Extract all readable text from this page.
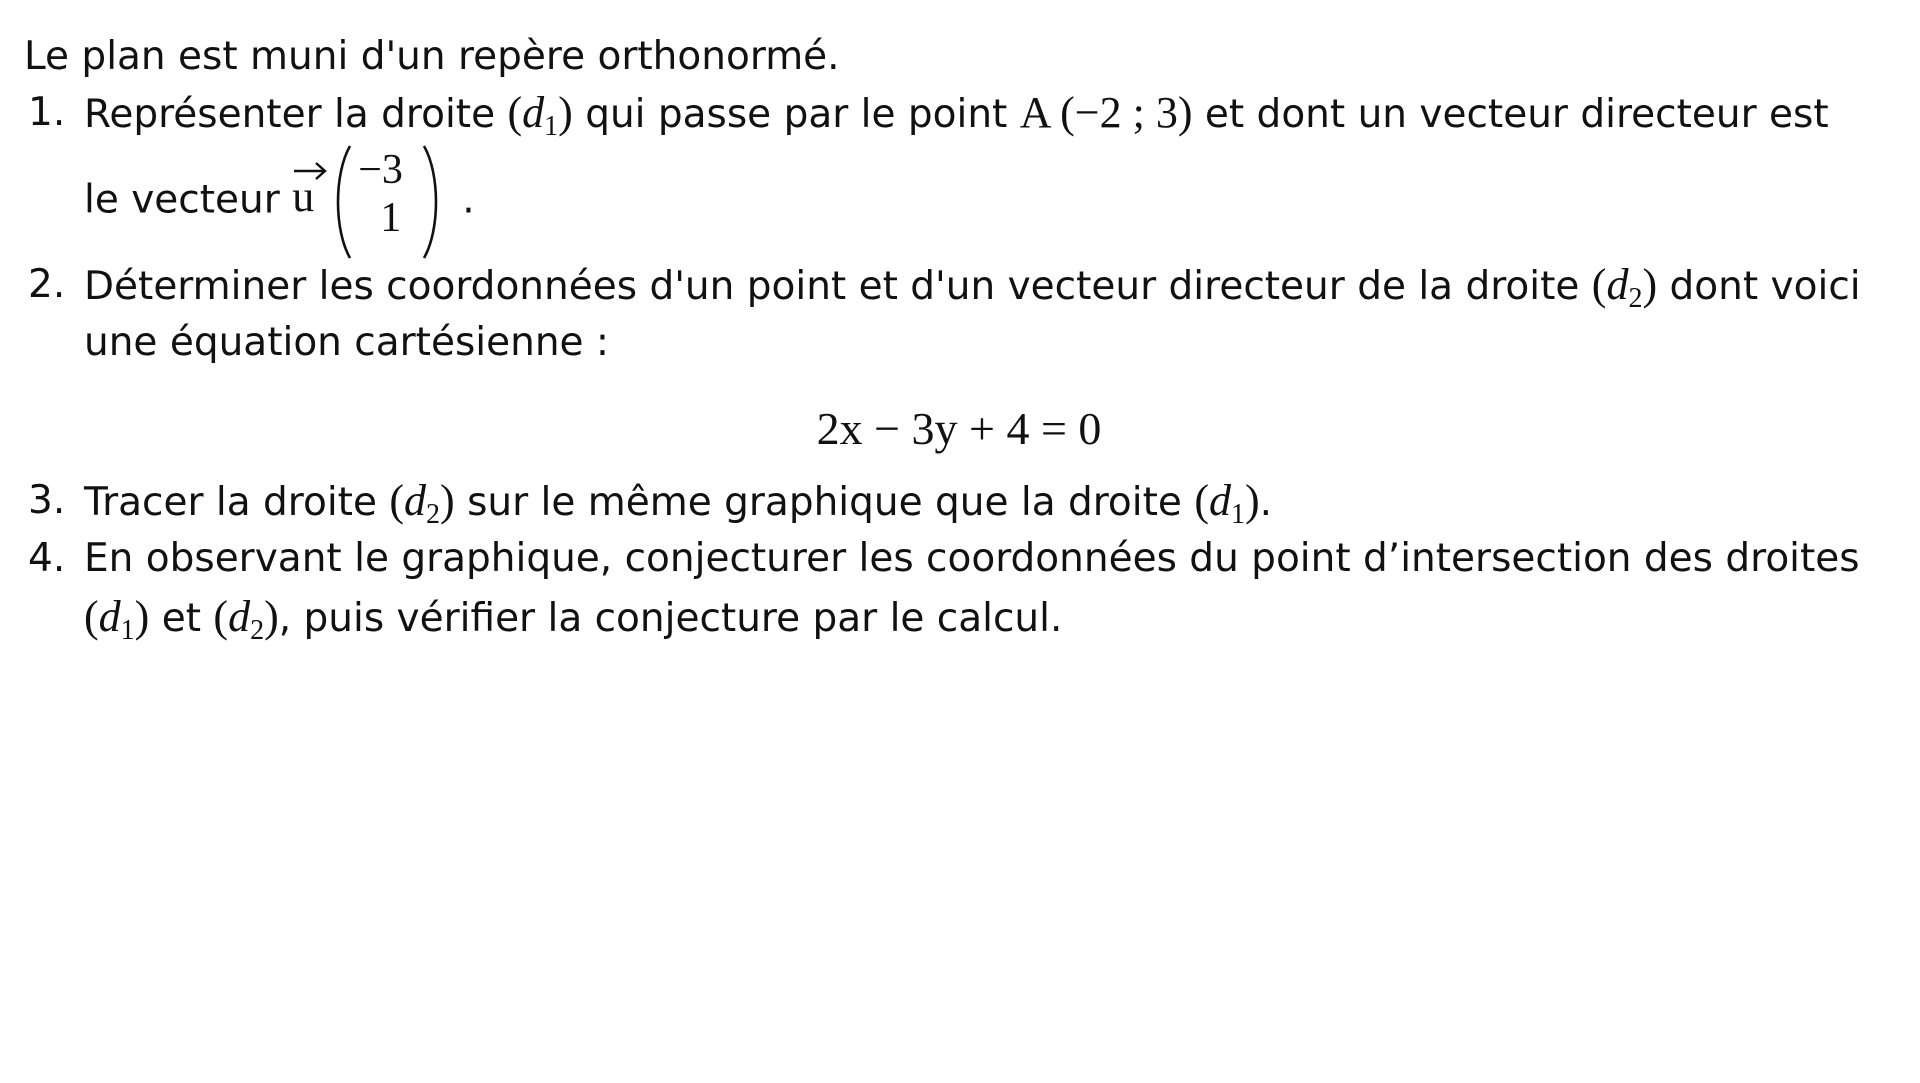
Le plan est muni d'un repère orthonormé.
1. Représenter la droite $(d_1)$ qui passe par le point A (−2 ; 3) et dont un vecteur directeur est
le vecteur u
−3
1 .
2. Déterminer les coordonnées d'un point et d'un vecteur directeur de la droite $(d_2)$ dont voici
une équation cartésienne :
2x − 3y + 4 = 0
3. Tracer la droite $(d_2)$ sur le même graphique que la droite $(d_1)$.
4. En observant le graphique, conjecturer les coordonnées du point d’intersection des droites
$(d_1)$ et $(d_2)$, puis vérifier la conjecture par le calcul.
